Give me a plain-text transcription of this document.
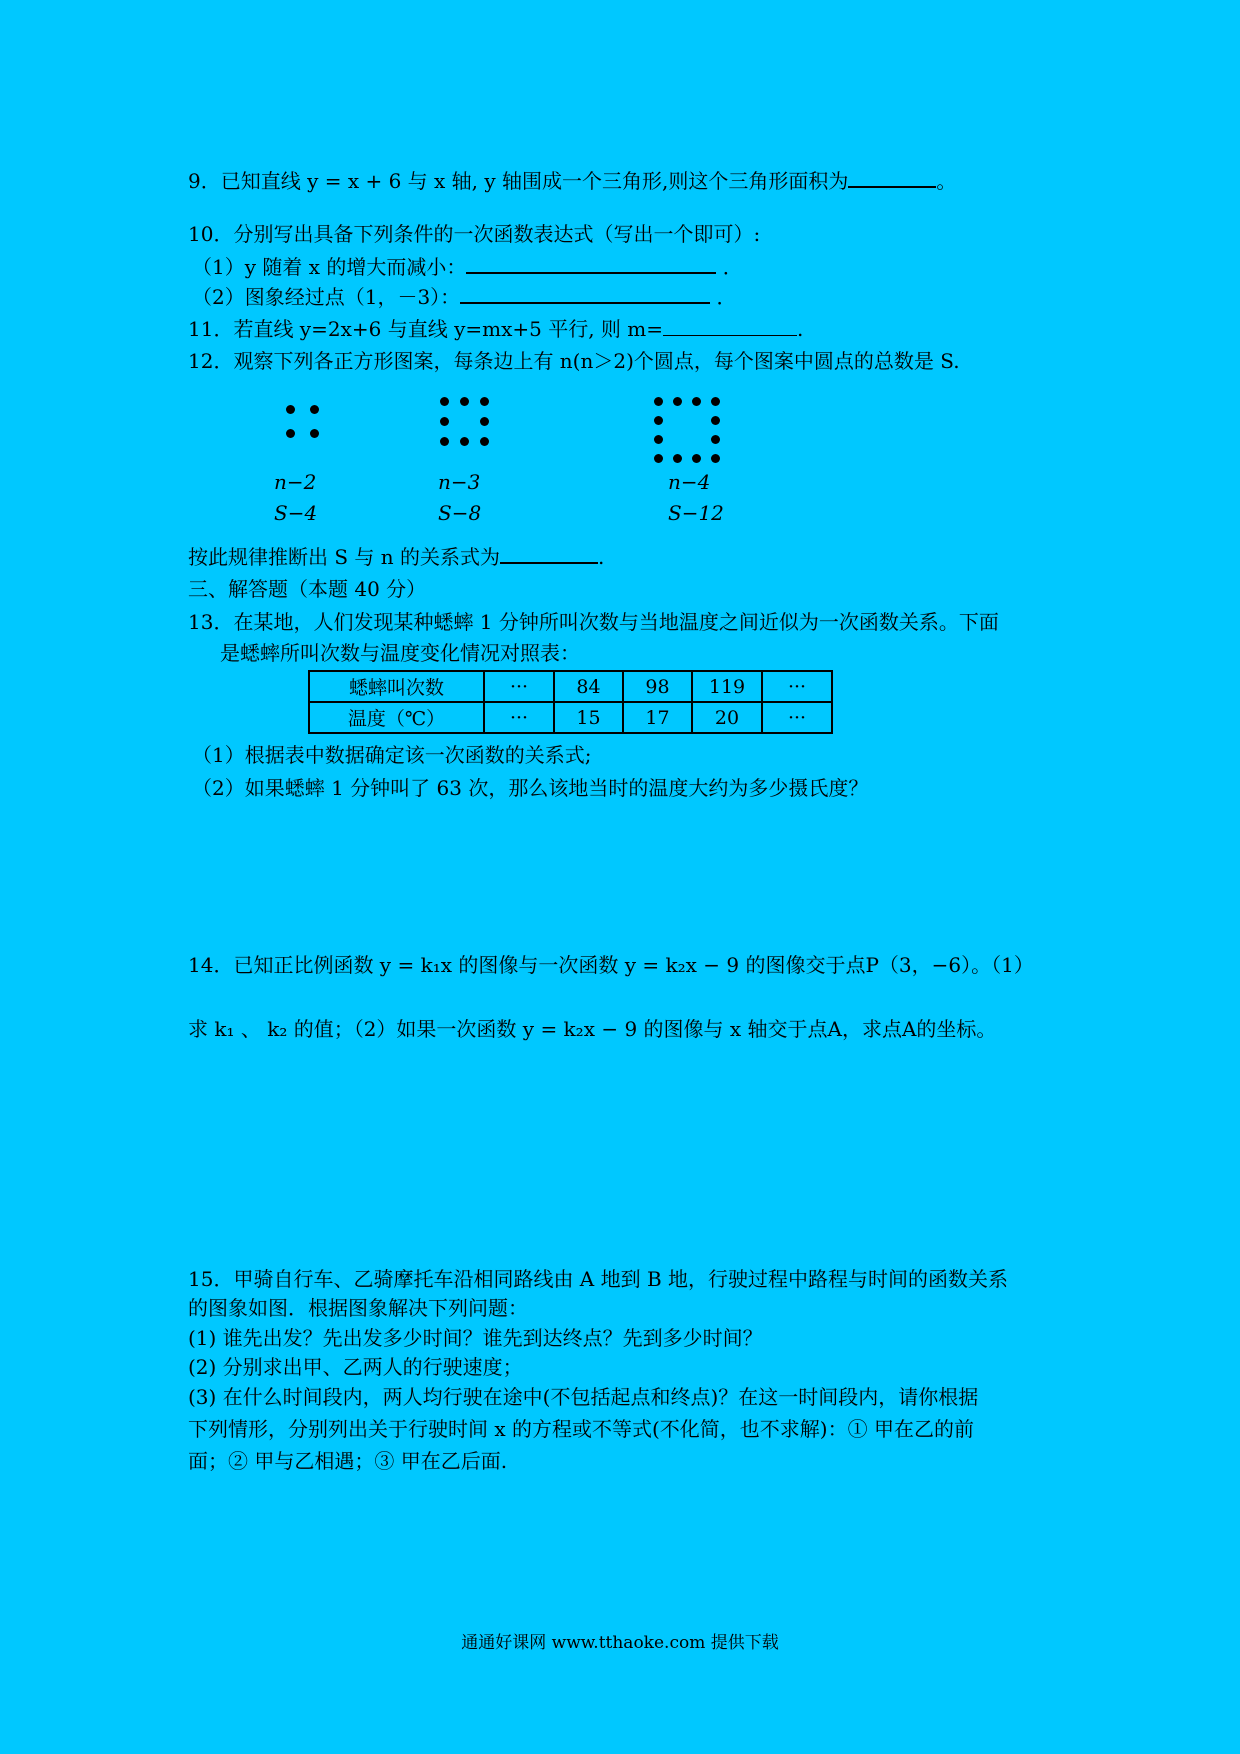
9．已知直线 y = x + 6 与 x 轴, y 轴围成一个三角形,则这个三角形面积为	。
10．分别写出具备下列条件的一次函数表达式（写出一个即可）:
（1）y 随着 x 的增大而减小：	．
（2）图象经过点（1，－3）：	．
11．若直线 y=2x+6 与直线 y=mx+5 平行, 则 m=	.
12．观察下列各正方形图案，每条边上有 n(n＞2)个圆点，每个图案中圆点的总数是 S.
n−2
S−4
n−3
S−8
n−4
S−12
按此规律推断出 S 与 n 的关系式为	.
三、解答题（本题 40 分）
13．在某地，人们发现某种蟋蟀 1 分钟所叫次数与当地温度之间近似为一次函数关系。下面
是蟋蟀所叫次数与温度变化情况对照表：
蟋蟀叫次数	···	84	98	119	···
温度（℃）	···	15	17	20	···
（1）根据表中数据确定该一次函数的关系式;
（2）如果蟋蟀 1 分钟叫了 63 次，那么该地当时的温度大约为多少摄氏度？
14．已知正比例函数 y = k₁x 的图像与一次函数 y = k₂x − 9 的图像交于点P（3，−6）。（1）
求 k₁ 、 k₂ 的值；（2）如果一次函数 y = k₂x − 9 的图像与 x 轴交于点A，求点A的坐标。
15．甲骑自行车、乙骑摩托车沿相同路线由 A 地到 B 地，行驶过程中路程与时间的函数关系
的图象如图．根据图象解决下列问题：
(1) 谁先出发？先出发多少时间？谁先到达终点？先到多少时间？
(2) 分别求出甲、乙两人的行驶速度；
(3) 在什么时间段内，两人均行驶在途中(不包括起点和终点)？在这一时间段内，请你根据
下列情形，分别列出关于行驶时间 x 的方程或不等式(不化简，也不求解)：① 甲在乙的前
面；② 甲与乙相遇；③ 甲在乙后面.
通通好课网 www.tthaoke.com 提供下载
